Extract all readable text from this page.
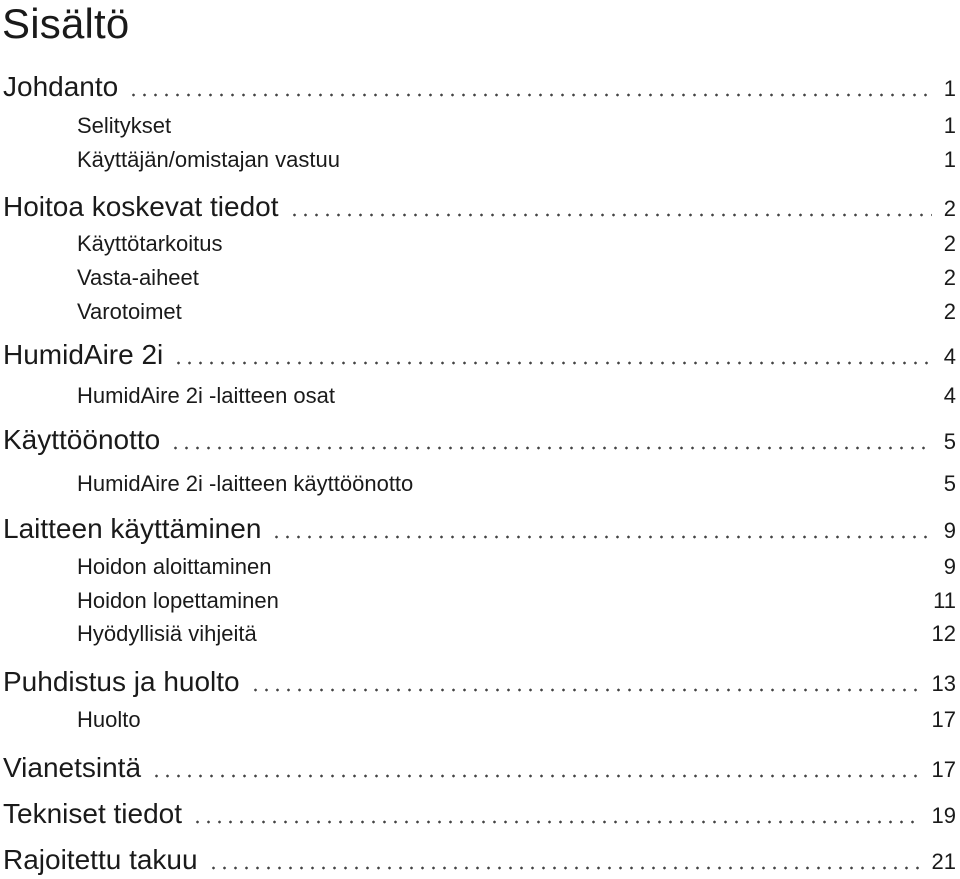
Sisältö
Johdanto	1
Selitykset	1
Käyttäjän/omistajan vastuu	1
Hoitoa koskevat tiedot	2
Käyttötarkoitus	2
Vasta-aiheet	2
Varotoimet	2
HumidAire 2i	4
HumidAire 2i -laitteen osat	4
Käyttöönotto	5
HumidAire 2i -laitteen käyttöönotto	5
Laitteen käyttäminen	9
Hoidon aloittaminen	9
Hoidon lopettaminen	11
Hyödyllisiä vihjeitä	12
Puhdistus ja huolto	13
Huolto	17
Vianetsintä	17
Tekniset tiedot	19
Rajoitettu takuu	21
